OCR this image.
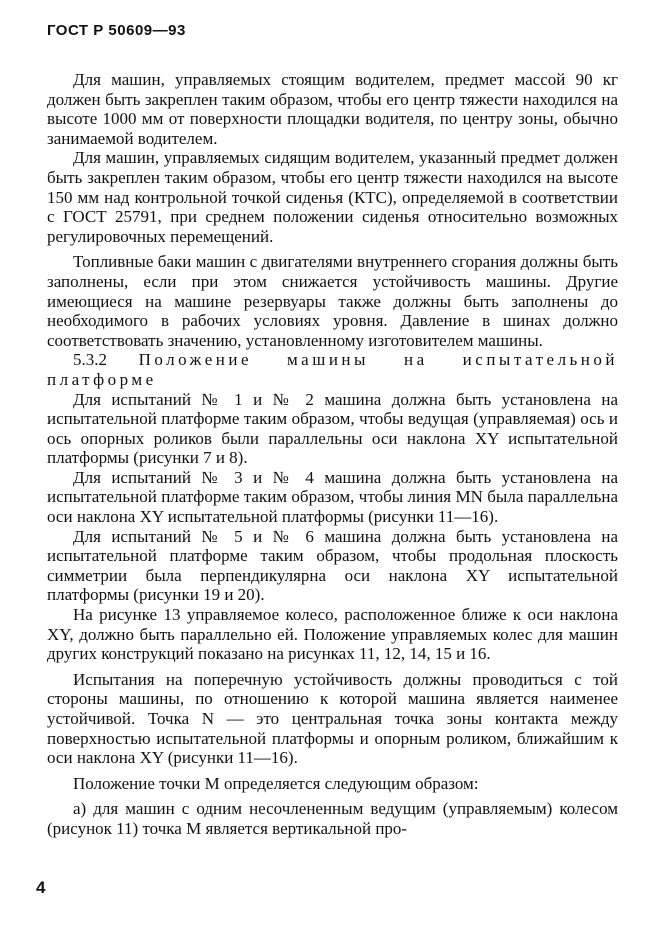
ГОСТ Р 50609—93

Для машин, управляемых стоящим водителем, предмет массой 90 кг должен быть закреплен таким образом, чтобы его центр тяжести находился на высоте 1000 мм от поверхности площадки водителя, по центру зоны, обычно занимаемой водителем.

Для машин, управляемых сидящим водителем, указанный предмет должен быть закреплен таким образом, чтобы его центр тяжести находился на высоте 150 мм над контрольной точкой сиденья (КТС), определяемой в соответствии с ГОСТ 25791, при среднем положении сиденья относительно возможных регулировочных перемещений.

Топливные баки машин с двигателями внутреннего сгорания должны быть заполнены, если при этом снижается устойчивость машины. Другие имеющиеся на машине резервуары также должны быть заполнены до необходимого в рабочих условиях уровня. Давление в шинах должно соответствовать значению, установленному изготовителем машины.

5.3.2 Положение машины на испытательной платформе

Для испытаний № 1 и № 2 машина должна быть установлена на испытательной платформе таким образом, чтобы ведущая (управляемая) ось и ось опорных роликов были параллельны оси наклона XY испытательной платформы (рисунки 7 и 8).

Для испытаний № 3 и № 4 машина должна быть установлена на испытательной платформе таким образом, чтобы линия MN была параллельна оси наклона XY испытательной платформы (рисунки 11—16).

Для испытаний № 5 и № 6 машина должна быть установлена на испытательной платформе таким образом, чтобы продольная плоскость симметрии была перпендикулярна оси наклона XY испытательной платформы (рисунки 19 и 20).

На рисунке 13 управляемое колесо, расположенное ближе к оси наклона XY, должно быть параллельно ей. Положение управляемых колес для машин других конструкций показано на рисунках 11, 12, 14, 15 и 16.

Испытания на поперечную устойчивость должны проводиться с той стороны машины, по отношению к которой машина является наименее устойчивой. Точка N — это центральная точка зоны контакта между поверхностью испытательной платформы и опорным роликом, ближайшим к оси наклона XY (рисунки 11—16).

Положение точки M определяется следующим образом:

а) для машин с одним несочлененным ведущим (управляемым) колесом (рисунок 11) точка M является вертикальной про-

4
